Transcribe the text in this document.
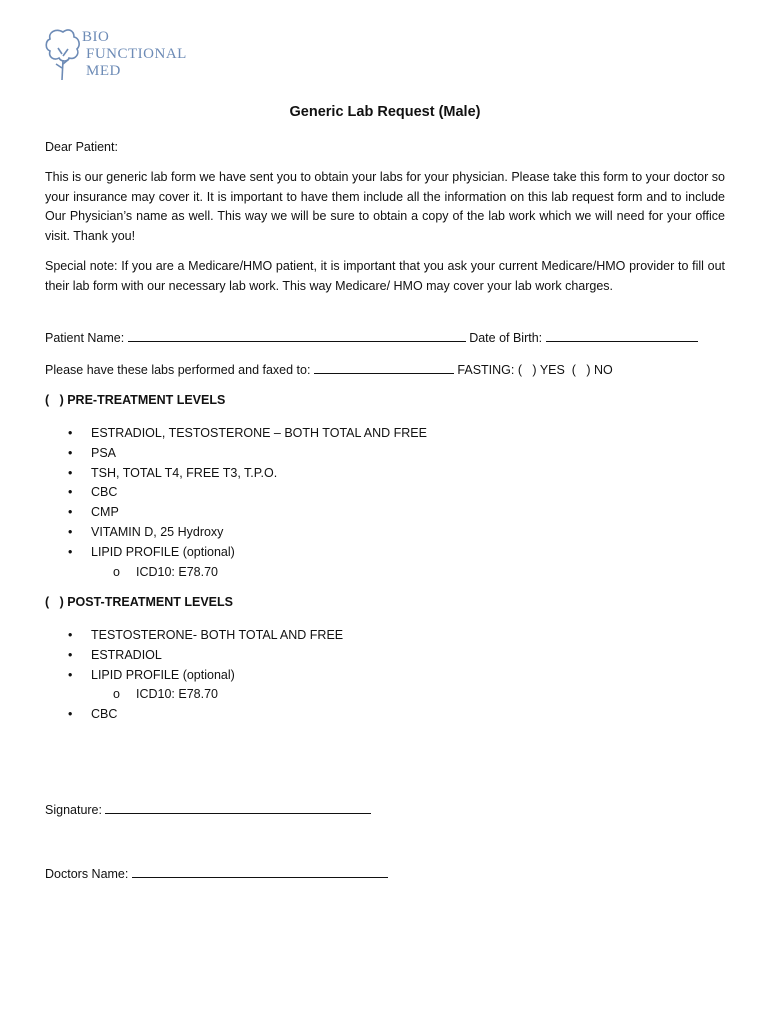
BIO
FUNCTIONAL
MED
Generic Lab Request (Male)
Dear Patient:
This is our generic lab form we have sent you to obtain your labs for your physician. Please take this form to your doctor so your insurance may cover it. It is important to have them include all the information on this lab request form and to include Our Physician’s name as well. This way we will be sure to obtain a copy of the lab work which we will need for your office visit. Thank you!
Special note: If you are a Medicare/HMO patient, it is important that you ask your current Medicare/HMO provider to fill out their lab form with our necessary lab work. This way Medicare/ HMO may cover your lab work charges.
Patient Name:	Date of Birth:
Please have these labs performed and faxed to:	FASTING: (   ) YES  (   ) NO
(   ) PRE-TREATMENT LEVELS
• ESTRADIOL, TESTOSTERONE – BOTH TOTAL AND FREE
• PSA
• TSH, TOTAL T4, FREE T3, T.P.O.
• CBC
• CMP
• VITAMIN D, 25 Hydroxy
• LIPID PROFILE (optional)
o ICD10: E78.70
(   ) POST-TREATMENT LEVELS
• TESTOSTERONE- BOTH TOTAL AND FREE
• ESTRADIOL
• LIPID PROFILE (optional)
o ICD10: E78.70
• CBC
Signature:
Doctors Name:
